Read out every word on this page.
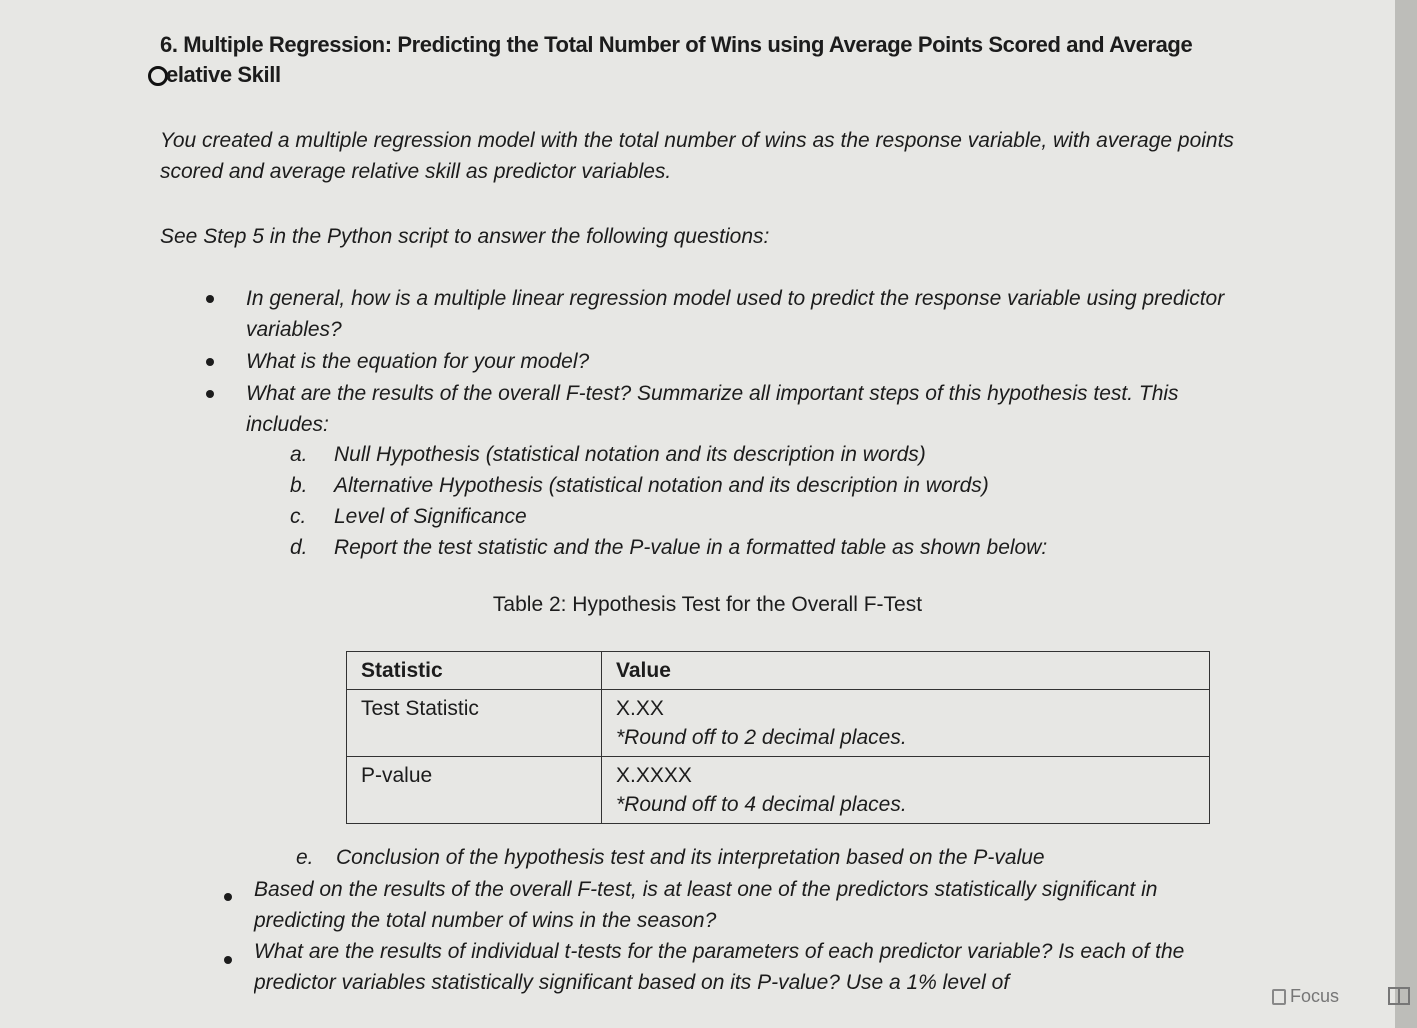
6. Multiple Regression: Predicting the Total Number of Wins using Average Points Scored and Average
elative Skill
You created a multiple regression model with the total number of wins as the response variable, with average points scored and average relative skill as predictor variables.
See Step 5 in the Python script to answer the following questions:
In general, how is a multiple linear regression model used to predict the response variable using predictor variables?
What is the equation for your model?
What are the results of the overall F-test? Summarize all important steps of this hypothesis test. This includes:
a. Null Hypothesis (statistical notation and its description in words)
b. Alternative Hypothesis (statistical notation and its description in words)
c. Level of Significance
d. Report the test statistic and the P-value in a formatted table as shown below:
Table 2: Hypothesis Test for the Overall F-Test
Statistic	Value
Test Statistic	X.XX
*Round off to 2 decimal places.

P-value	X.XXXX
*Round off to 4 decimal places.
e. Conclusion of the hypothesis test and its interpretation based on the P-value
Based on the results of the overall F-test, is at least one of the predictors statistically significant in predicting the total number of wins in the season?
What are the results of individual t-tests for the parameters of each predictor variable? Is each of the predictor variables statistically significant based on its P-value? Use a 1% level of
Focus
